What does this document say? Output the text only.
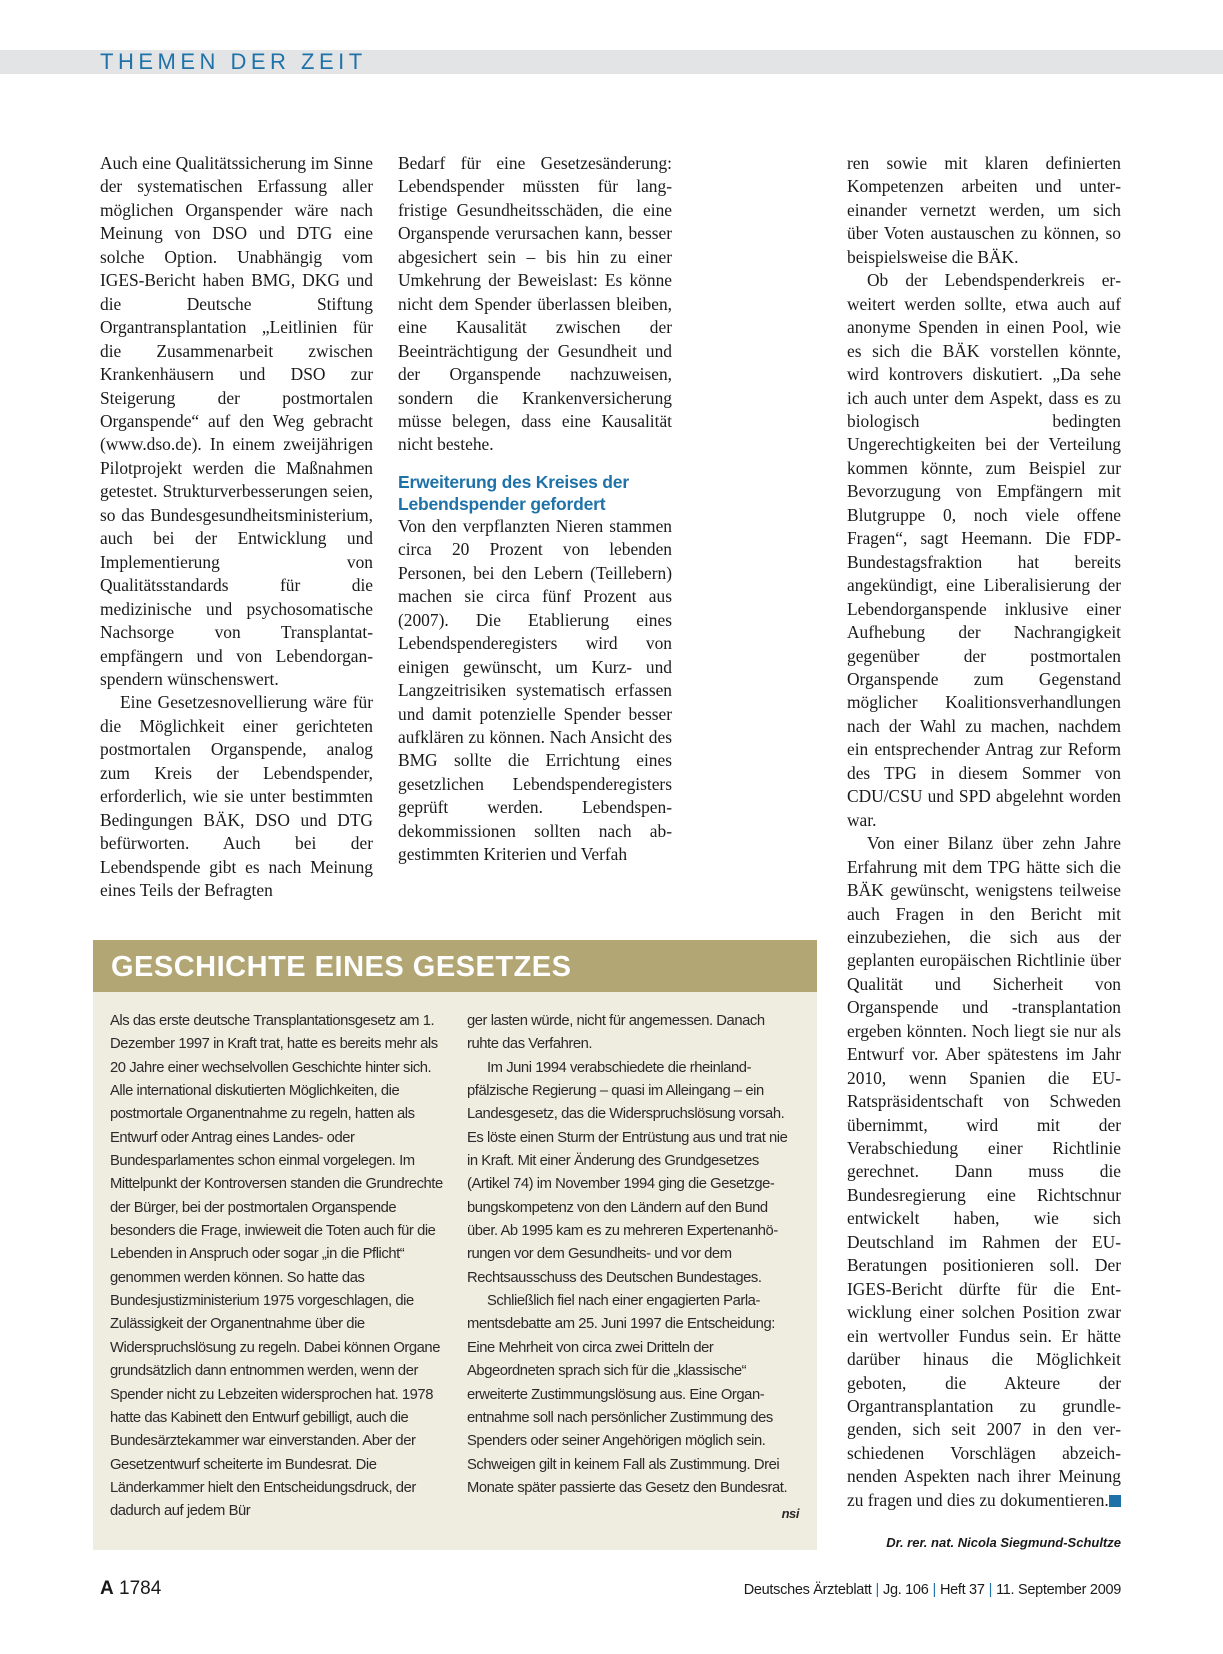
THEMEN DER ZEIT

Auch eine Qualitätssicherung im Sinne der systematischen Erfassung aller möglichen Organspender wäre nach Meinung von DSO und DTG eine solche Option. Unabhängig vom IGES-Bericht haben BMG, DKG und die Deutsche Stiftung Organtransplantation „Leitlinien für die Zusammenarbeit zwischen Krankenhäusern und DSO zur Steigerung der postmortalen Organspende“ auf den Weg gebracht (www.dso.de). In einem zweijährigen Pilotprojekt werden die Maßnahmen getestet. Strukturverbesserungen seien, so das Bundesgesundheitsministerium, auch bei der Entwicklung und Implementierung von Qualitätsstandards für die medizinische und psychosomatische Nachsorge von Transplantatempfängern und von Lebendorganspendern wünschenswert.

Eine Gesetzesnovellierung wäre für die Möglichkeit einer gerichteten postmortalen Organspende, analog zum Kreis der Lebendspender, erforderlich, wie sie unter bestimmten Bedingungen BÄK, DSO und DTG befürworten. Auch bei der Lebendspende gibt es nach Meinung eines Teils der Befragten

Bedarf für eine Gesetzesänderung: Lebendspender müssten für langfristige Gesundheitsschäden, die eine Organspende verursachen kann, besser abgesichert sein – bis hin zu einer Umkehrung der Beweislast: Es könne nicht dem Spender überlassen bleiben, eine Kausalität zwischen der Beeinträchtigung der Gesundheit und der Organspende nachzuweisen, sondern die Krankenversicherung müsse belegen, dass eine Kausalität nicht bestehe.

Erweiterung des Kreises der Lebendspender gefordert

Von den verpflanzten Nieren stammen circa 20 Prozent von lebenden Personen, bei den Lebern (Teillebern) machen sie circa fünf Prozent aus (2007). Die Etablierung eines Lebendspenderegisters wird von einigen gewünscht, um Kurz- und Langzeitrisiken systematisch erfassen und damit potenzielle Spender besser aufklären zu können. Nach Ansicht des BMG sollte die Errichtung eines gesetzlichen Lebendspenderegisters geprüft werden. Lebendspendekommissionen sollten nach abgestimmten Kriterien und Verfah

ren sowie mit klaren definierten Kompetenzen arbeiten und untereinander vernetzt werden, um sich über Voten austauschen zu können, so beispielsweise die BÄK.

Ob der Lebendspenderkreis erweitert werden sollte, etwa auch auf anonyme Spenden in einen Pool, wie es sich die BÄK vorstellen könnte, wird kontrovers diskutiert. „Da sehe ich auch unter dem Aspekt, dass es zu biologisch bedingten Ungerechtigkeiten bei der Verteilung kommen könnte, zum Beispiel zur Bevorzugung von Empfängern mit Blutgruppe 0, noch viele offene Fragen“, sagt Heemann. Die FDP-Bundestagsfraktion hat bereits angekündigt, eine Liberalisierung der Lebendorganspende inklusive einer Aufhebung der Nachrangigkeit gegenüber der postmortalen Organspende zum Gegenstand möglicher Koalitionsverhandlungen nach der Wahl zu machen, nachdem ein entsprechender Antrag zur Reform des TPG in diesem Sommer von CDU/CSU und SPD abgelehnt worden war.

Von einer Bilanz über zehn Jahre Erfahrung mit dem TPG hätte sich die BÄK gewünscht, wenigstens teilweise auch Fragen in den Bericht mit einzubeziehen, die sich aus der geplanten europäischen Richtlinie über Qualität und Sicherheit von Organspende und -transplantation ergeben könnten. Noch liegt sie nur als Entwurf vor. Aber spätestens im Jahr 2010, wenn Spanien die EU-Ratspräsidentschaft von Schweden übernimmt, wird mit der Verabschiedung einer Richtlinie gerechnet. Dann muss die Bundesregierung eine Richtschnur entwickelt haben, wie sich Deutschland im Rahmen der EU-Beratungen positionieren soll. Der IGES-Bericht dürfte für die Entwicklung einer solchen Position zwar ein wertvoller Fundus sein. Er hätte darüber hinaus die Möglichkeit geboten, die Akteure der Organtransplantation zu grundlegenden, sich seit 2007 in den verschiedenen Vorschlägen abzeichnenden Aspekten nach ihrer Meinung zu fragen und dies zu dokumentieren.

Dr. rer. nat. Nicola Siegmund-Schultze
GESCHICHTE EINES GESETZES

Als das erste deutsche Transplantationsgesetz am 1. Dezember 1997 in Kraft trat, hatte es bereits mehr als 20 Jahre einer wechselvollen Geschichte hinter sich. Alle international diskutierten Möglichkeiten, die postmortale Organentnahme zu regeln, hatten als Entwurf oder Antrag eines Landes- oder Bundesparlamentes schon einmal vorgelegen. Im Mittelpunkt der Kontroversen standen die Grundrechte der Bürger, bei der postmortalen Organspende besonders die Frage, inwieweit die Toten auch für die Lebenden in Anspruch oder sogar „in die Pflicht“ genommen werden können. So hatte das Bundesjustizministerium 1975 vorgeschlagen, die Zulässigkeit der Organentnahme über die Widerspruchslösung zu regeln. Dabei können Organe grundsätzlich dann entnommen werden, wenn der Spender nicht zu Lebzeiten widersprochen hat. 1978 hatte das Kabinett den Entwurf gebilligt, auch die Bundesärztekammer war einverstanden. Aber der Gesetzentwurf scheiterte im Bundesrat. Die Länderkammer hielt den Entscheidungsdruck, der dadurch auf jedem Bür

ger lasten würde, nicht für angemessen. Danach ruhte das Verfahren.

Im Juni 1994 verabschiedete die rheinland-pfälzische Regierung – quasi im Alleingang – ein Landesgesetz, das die Widerspruchslösung vorsah. Es löste einen Sturm der Entrüstung aus und trat nie in Kraft. Mit einer Änderung des Grundgesetzes (Artikel 74) im November 1994 ging die Gesetzgebungskompetenz von den Ländern auf den Bund über. Ab 1995 kam es zu mehreren Expertenanhörungen vor dem Gesundheits- und vor dem Rechtsausschuss des Deutschen Bundestages.

Schließlich fiel nach einer engagierten Parlamentsdebatte am 25. Juni 1997 die Entscheidung: Eine Mehrheit von circa zwei Dritteln der Abgeordneten sprach sich für die „klassische“ erweiterte Zustimmungslösung aus. Eine Organentnahme soll nach persönlicher Zustimmung des Spenders oder seiner Angehörigen möglich sein. Schweigen gilt in keinem Fall als Zustimmung. Drei Monate später passierte das Gesetz den Bundesrat.
nsi

A 1784	Deutsches Ärzteblatt | Jg. 106 | Heft 37 | 11. September 2009
